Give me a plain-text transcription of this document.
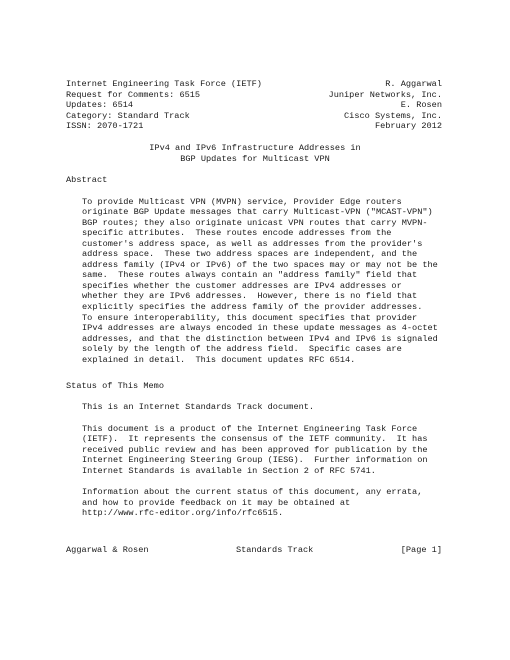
Internet Engineering Task Force (IETF)	R. Aggarwal
Request for Comments: 6515	Juniper Networks, Inc.
Updates: 6514	E. Rosen
Category: Standard Track	Cisco Systems, Inc.
ISSN: 2070-1721	February 2012
IPv4 and IPv6 Infrastructure Addresses in
BGP Updates for Multicast VPN
Abstract
To provide Multicast VPN (MVPN) service, Provider Edge routers
originate BGP Update messages that carry Multicast-VPN ("MCAST-VPN")
BGP routes; they also originate unicast VPN routes that carry MVPN-
specific attributes.  These routes encode addresses from the
customer's address space, as well as addresses from the provider's
address space.  These two address spaces are independent, and the
address family (IPv4 or IPv6) of the two spaces may or may not be the
same.  These routes always contain an "address family" field that
specifies whether the customer addresses are IPv4 addresses or
whether they are IPv6 addresses.  However, there is no field that
explicitly specifies the address family of the provider addresses.
To ensure interoperability, this document specifies that provider
IPv4 addresses are always encoded in these update messages as 4-octet
addresses, and that the distinction between IPv4 and IPv6 is signaled
solely by the length of the address field.  Specific cases are
explained in detail.  This document updates RFC 6514.
Status of This Memo
This is an Internet Standards Track document.
This document is a product of the Internet Engineering Task Force
(IETF).  It represents the consensus of the IETF community.  It has
received public review and has been approved for publication by the
Internet Engineering Steering Group (IESG).  Further information on
Internet Standards is available in Section 2 of RFC 5741.
Information about the current status of this document, any errata,
and how to provide feedback on it may be obtained at
http://www.rfc-editor.org/info/rfc6515.
Aggarwal & Rosen	Standards Track	[Page 1]
